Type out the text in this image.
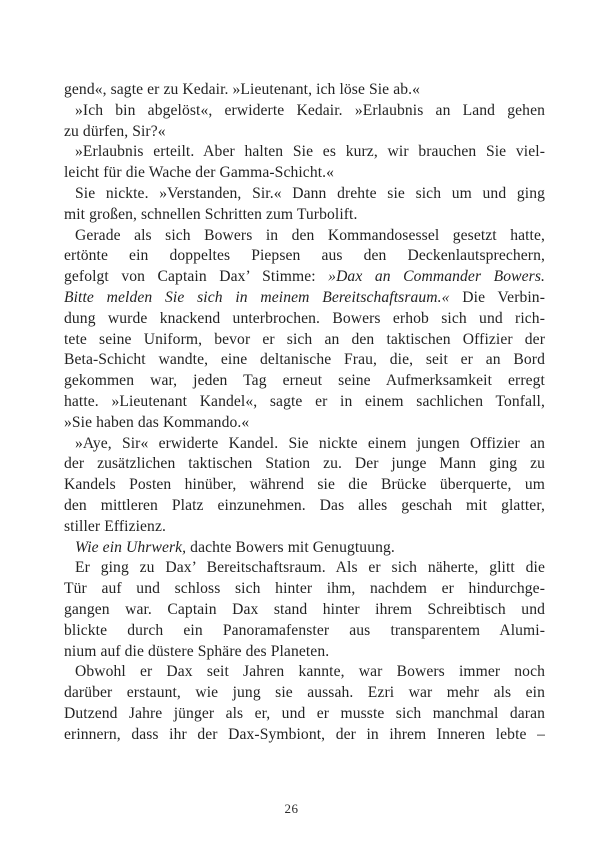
gend«, sagte er zu Kedair. »Lieutenant, ich löse Sie ab.«
»Ich bin abgelöst«, erwiderte Kedair. »Erlaubnis an Land gehen
zu dürfen, Sir?«
»Erlaubnis erteilt. Aber halten Sie es kurz, wir brauchen Sie viel-
leicht für die Wache der Gamma-Schicht.«
Sie nickte. »Verstanden, Sir.« Dann drehte sie sich um und ging
mit großen, schnellen Schritten zum Turbolift.
Gerade als sich Bowers in den Kommandosessel gesetzt hatte,
ertönte ein doppeltes Piepsen aus den Deckenlautsprechern,
gefolgt von Captain Dax’ Stimme: »Dax an Commander Bowers.
Bitte melden Sie sich in meinem Bereitschaftsraum.« Die Verbin-
dung wurde knackend unterbrochen. Bowers erhob sich und rich-
tete seine Uniform, bevor er sich an den taktischen Offizier der
Beta-Schicht wandte, eine deltanische Frau, die, seit er an Bord
gekommen war, jeden Tag erneut seine Aufmerksamkeit erregt
hatte. »Lieutenant Kandel«, sagte er in einem sachlichen Tonfall,
»Sie haben das Kommando.«
»Aye, Sir« erwiderte Kandel. Sie nickte einem jungen Offizier an
der zusätzlichen taktischen Station zu. Der junge Mann ging zu
Kandels Posten hinüber, während sie die Brücke überquerte, um
den mittleren Platz einzunehmen. Das alles geschah mit glatter,
stiller Effizienz.
Wie ein Uhrwerk, dachte Bowers mit Genugtuung.
Er ging zu Dax’ Bereitschaftsraum. Als er sich näherte, glitt die
Tür auf und schloss sich hinter ihm, nachdem er hindurchge-
gangen war. Captain Dax stand hinter ihrem Schreibtisch und
blickte durch ein Panoramafenster aus transparentem Alumi-
nium auf die düstere Sphäre des Planeten.
Obwohl er Dax seit Jahren kannte, war Bowers immer noch
darüber erstaunt, wie jung sie aussah. Ezri war mehr als ein
Dutzend Jahre jünger als er, und er musste sich manchmal daran
erinnern, dass ihr der Dax-Symbiont, der in ihrem Inneren lebte –
26
